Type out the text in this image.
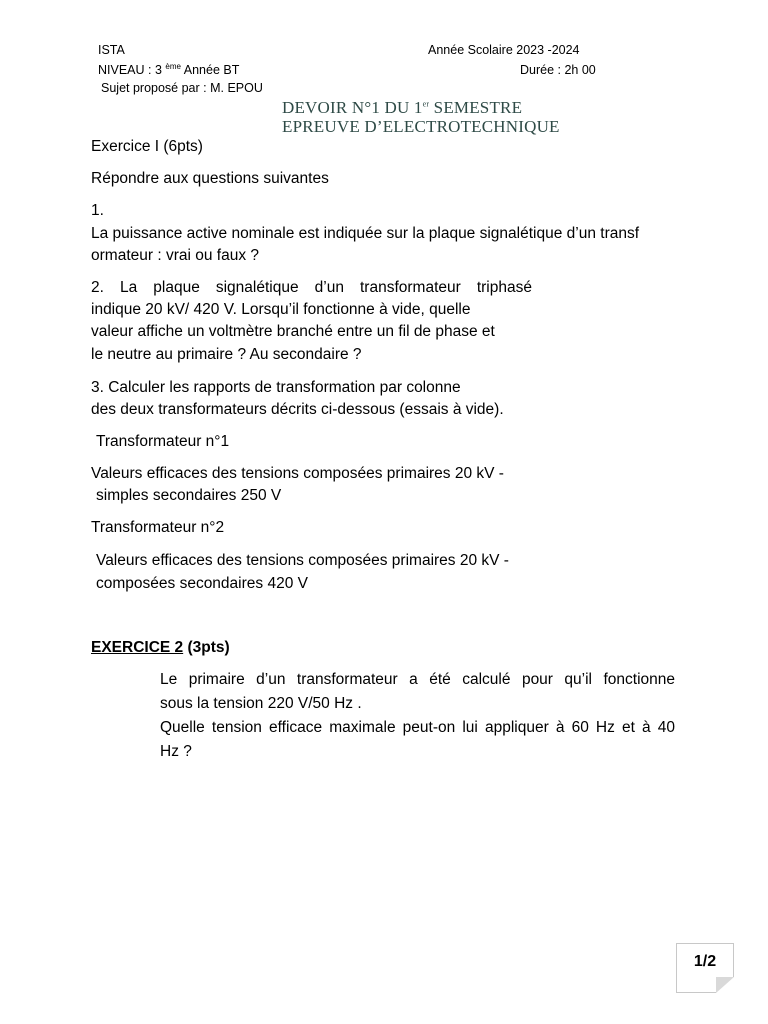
ISTA	Année Scolaire 2023 -2024
NIVEAU : 3 $^{ème}$ Année BT	Durée : 2h 00
Sujet proposé par : M. EPOU
DEVOIR N°1 DU 1er SEMESTRE
EPREUVE D’ELECTROTECHNIQUE
Exercice I (6pts)
Répondre aux questions suivantes
1.
La puissance active nominale est indiquée sur la plaque signalétique d’un transf
ormateur : vrai ou faux ?
2. La plaque signalétique d’un transformateur triphasé
indique 20 kV/ 420 V. Lorsqu’il fonctionne à vide, quelle
valeur affiche un voltmètre branché entre un fil de phase et
le neutre au primaire ? Au secondaire ?
3. Calculer les rapports de transformation par colonne
des deux transformateurs décrits ci-dessous (essais à vide).
Transformateur n°1
Valeurs efficaces des tensions composées primaires 20 kV -
simples secondaires 250 V
Transformateur n°2
Valeurs efficaces des tensions composées primaires 20 kV -
composées secondaires 420 V
EXERCICE 2 (3pts)
Le primaire d’un transformateur a été calculé pour qu’il fonctionne
sous la tension 220 V/50 Hz .
Quelle tension efficace maximale peut-on lui appliquer à 60 Hz et à 40
Hz ?
1/2
